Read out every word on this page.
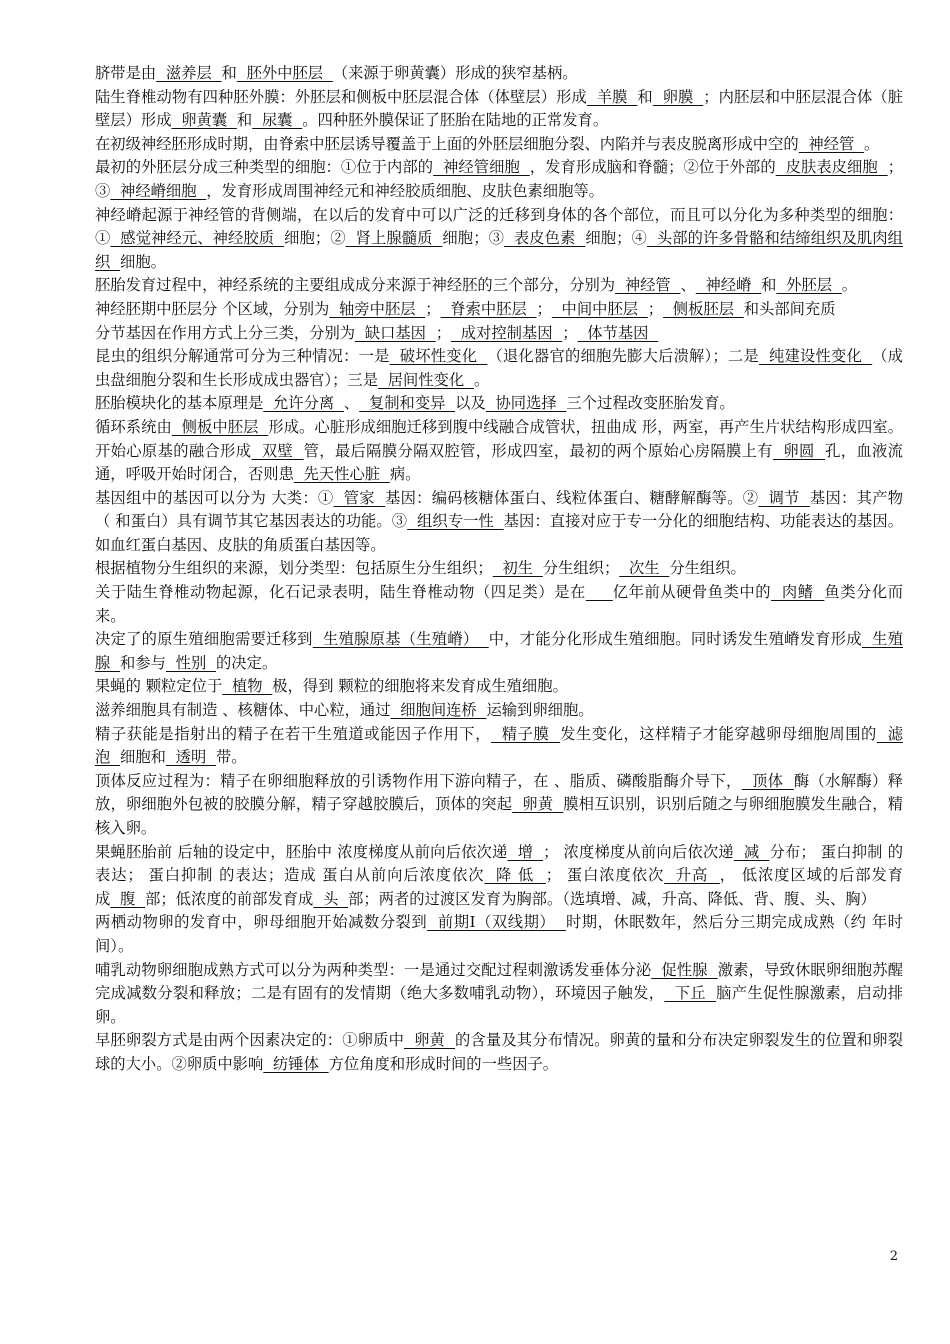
脐带是由  滋养层  和  胚外中胚层  （来源于卵黄囊）形成的狭窄基柄。
陆生脊椎动物有四种胚外膜：外胚层和侧板中胚层混合体（体壁层）形成  羊膜  和  卵膜  ；内胚层和中胚层混合体（脏壁层）形成  卵黄囊  和  尿囊  。四种胚外膜保证了胚胎在陆地的正常发育。
在初级神经胚形成时期，由脊索中胚层诱导覆盖于上面的外胚层细胞分裂、内陷并与表皮脱离形成中空的  神经管  。
最初的外胚层分成三种类型的细胞：①位于内部的  神经管细胞  ，发育形成脑和脊髓；②位于外部的  皮肤表皮细胞  ；③  神经嵴细胞  ，发育形成周围神经元和神经胶质细胞、皮肤色素细胞等。
神经嵴起源于神经管的背侧端，在以后的发育中可以广泛的迁移到身体的各个部位，而且可以分化为多种类型的细胞：①  感觉神经元、神经胶质  细胞；②  肾上腺髓质  细胞；③  表皮色素  细胞；④  头部的许多骨骼和结缔组织及肌肉组织  细胞。
胚胎发育过程中，神经系统的主要组成成分来源于神经胚的三个部分，分别为  神经管  、  神经嵴  和  外胚层  。
神经胚期中胚层分 个区域，分别为  轴旁中胚层  ；  脊索中胚层  ；  中间中胚层  ；  侧板胚层  和头部间充质
分节基因在作用方式上分三类，分别为  缺口基因  ；  成对控制基因  ；  体节基因
昆虫的组织分解通常可分为三种情况：一是  破坏性变化  （退化器官的细胞先膨大后溃解）；二是  纯建设性变化  （成虫盘细胞分裂和生长形成成虫器官）；三是  居间性变化  。
胚胎模块化的基本原理是  允许分离  、  复制和变异  以及  协同选择  三个过程改变胚胎发育。
循环系统由  侧板中胚层  形成。心脏形成细胞迁移到腹中线融合成管状，扭曲成 形，两室，再产生片状结构形成四室。开始心原基的融合形成  双壁  管，最后隔膜分隔双腔管，形成四室，最初的两个原始心房隔膜上有  卵圆  孔，血液流通，呼吸开始时闭合，否则患  先天性心脏  病。
基因组中的基因可以分为 大类：①  管家  基因：编码核糖体蛋白、线粒体蛋白、糖酵解酶等。②  调节  基因：其产物（ 和蛋白）具有调节其它基因表达的功能。③  组织专一性  基因：直接对应于专一分化的细胞结构、功能表达的基因。如血红蛋白基因、皮肤的角质蛋白基因等。
根据植物分生组织的来源，划分类型：包括原生分生组织；  初生  分生组织；  次生  分生组织。
关于陆生脊椎动物起源，化石记录表明，陆生脊椎动物（四足类）是在 亿年前从硬骨鱼类中的  肉鳍  鱼类分化而来。
决定了的原生殖细胞需要迁移到  生殖腺原基（生殖嵴）  中，才能分化形成生殖细胞。同时诱发生殖嵴发育形成  生殖腺  和参与  性别  的决定。
果蝇的 颗粒定位于  植物  极，得到 颗粒的细胞将来发育成生殖细胞。
滋养细胞具有制造 、核糖体、中心粒，通过  细胞间连桥  运输到卵细胞。
精子获能是指射出的精子在若干生殖道或能因子作用下，  精子膜  发生变化，这样精子才能穿越卵母细胞周围的  滤泡  细胞和  透明  带。
顶体反应过程为：精子在卵细胞释放的引诱物作用下游向精子，在 、脂质、磷酸脂酶介导下，  顶体  酶（水解酶）释放，卵细胞外包被的胶膜分解，精子穿越胶膜后，顶体的突起  卵黄  膜相互识别，识别后随之与卵细胞膜发生融合，精核入卵。
果蝇胚胎前 后轴的设定中，胚胎中 浓度梯度从前向后依次递  增  ； 浓度梯度从前向后依次递  减  分布； 蛋白抑制 的表达； 蛋白抑制 的表达；造成 蛋白从前向后浓度依次  降 低  ； 蛋白浓度依次  升高  ， 低浓度区域的后部发育成  腹  部；低浓度的前部发育成  头  部；两者的过渡区发育为胸部。（选填增、减，升高、降低、背、腹、头、胸）
两栖动物卵的发育中，卵母细胞开始减数分裂到  前期Ⅰ（双线期）  时期，休眠数年，然后分三期完成成熟（约 年时间）。
哺乳动物卵细胞成熟方式可以分为两种类型：一是通过交配过程刺激诱发垂体分泌  促性腺  激素，导致休眠卵细胞苏醒完成减数分裂和释放；二是有固有的发情期（绝大多数哺乳动物），环境因子触发，  下丘  脑产生促性腺激素，启动排卵。
早胚卵裂方式是由两个因素决定的：①卵质中  卵黄  的含量及其分布情况。卵黄的量和分布决定卵裂发生的位置和卵裂球的大小。②卵质中影响  纺锤体  方位角度和形成时间的一些因子。
2
